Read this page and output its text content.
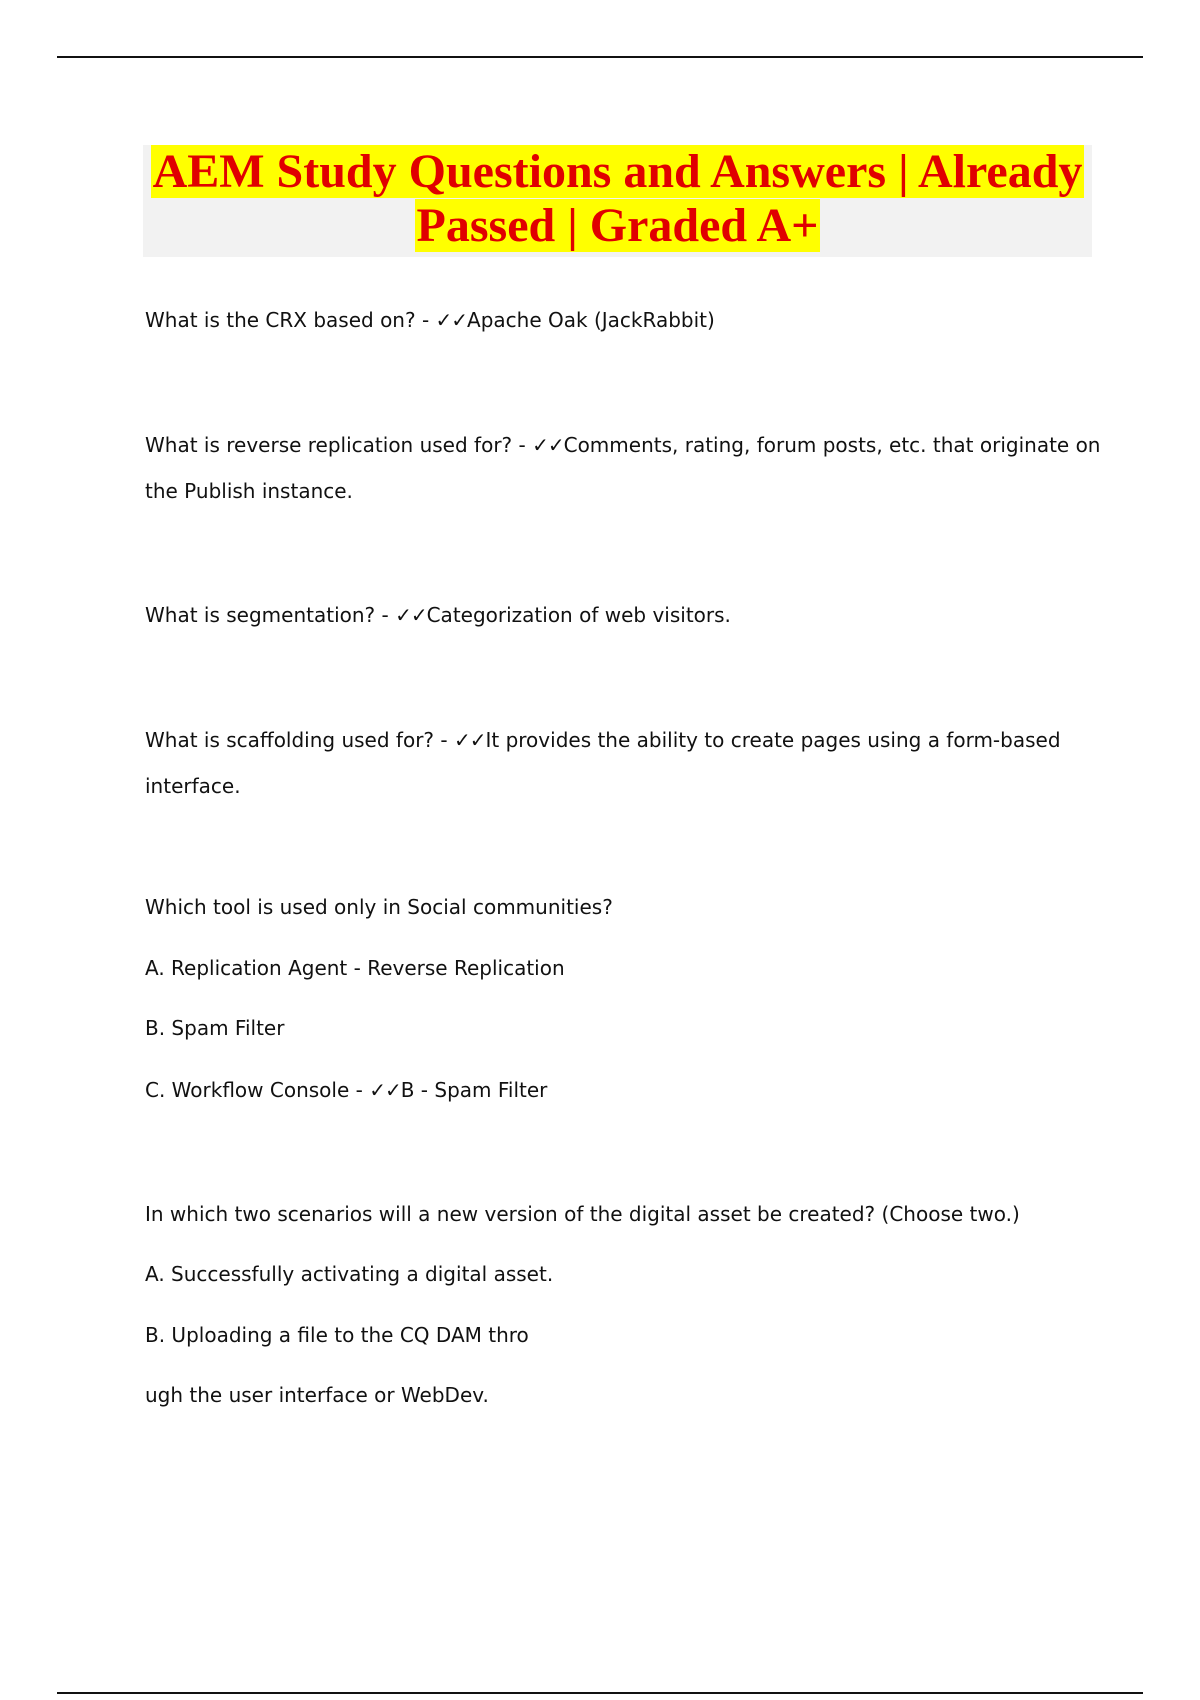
AEM Study Questions and Answers | Already
Passed | Graded A+
What is the CRX based on? - ✓✓Apache Oak (JackRabbit)
What is reverse replication used for? - ✓✓Comments, rating, forum posts, etc. that originate on
the Publish instance.
What is segmentation? - ✓✓Categorization of web visitors.
What is scaffolding used for? - ✓✓It provides the ability to create pages using a form-based
interface.
Which tool is used only in Social communities?
A. Replication Agent - Reverse Replication
B. Spam Filter
C. Workflow Console - ✓✓B - Spam Filter
In which two scenarios will a new version of the digital asset be created? (Choose two.)
A. Successfully activating a digital asset.
B. Uploading a file to the CQ DAM thro
ugh the user interface or WebDev.
